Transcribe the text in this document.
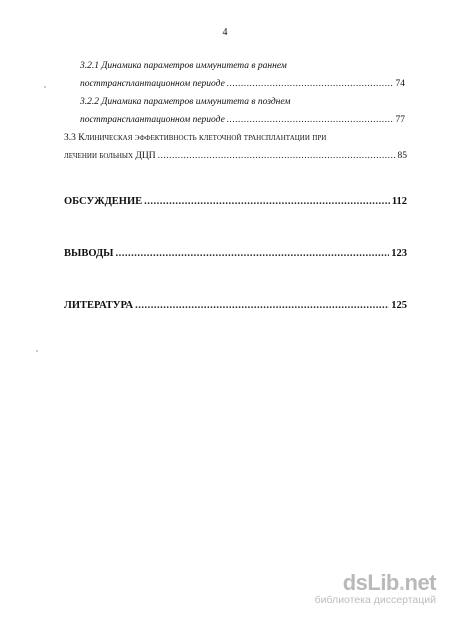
4
3.2.1 Динамика параметров иммунитета в раннем
посттрансплантационном периоде .....	74
3.2.2 Динамика параметров иммунитета в позднем
посттрансплантационном периоде .....	77
3.3 Клиническая эффективность клеточной трансплантации при
лечении больных ДЦП .....	85
ОБСУЖДЕНИЕ .....	112
ВЫВОДЫ .....	123
ЛИТЕРАТУРА .....	125
dsLib.net
библиотека диссертаций
